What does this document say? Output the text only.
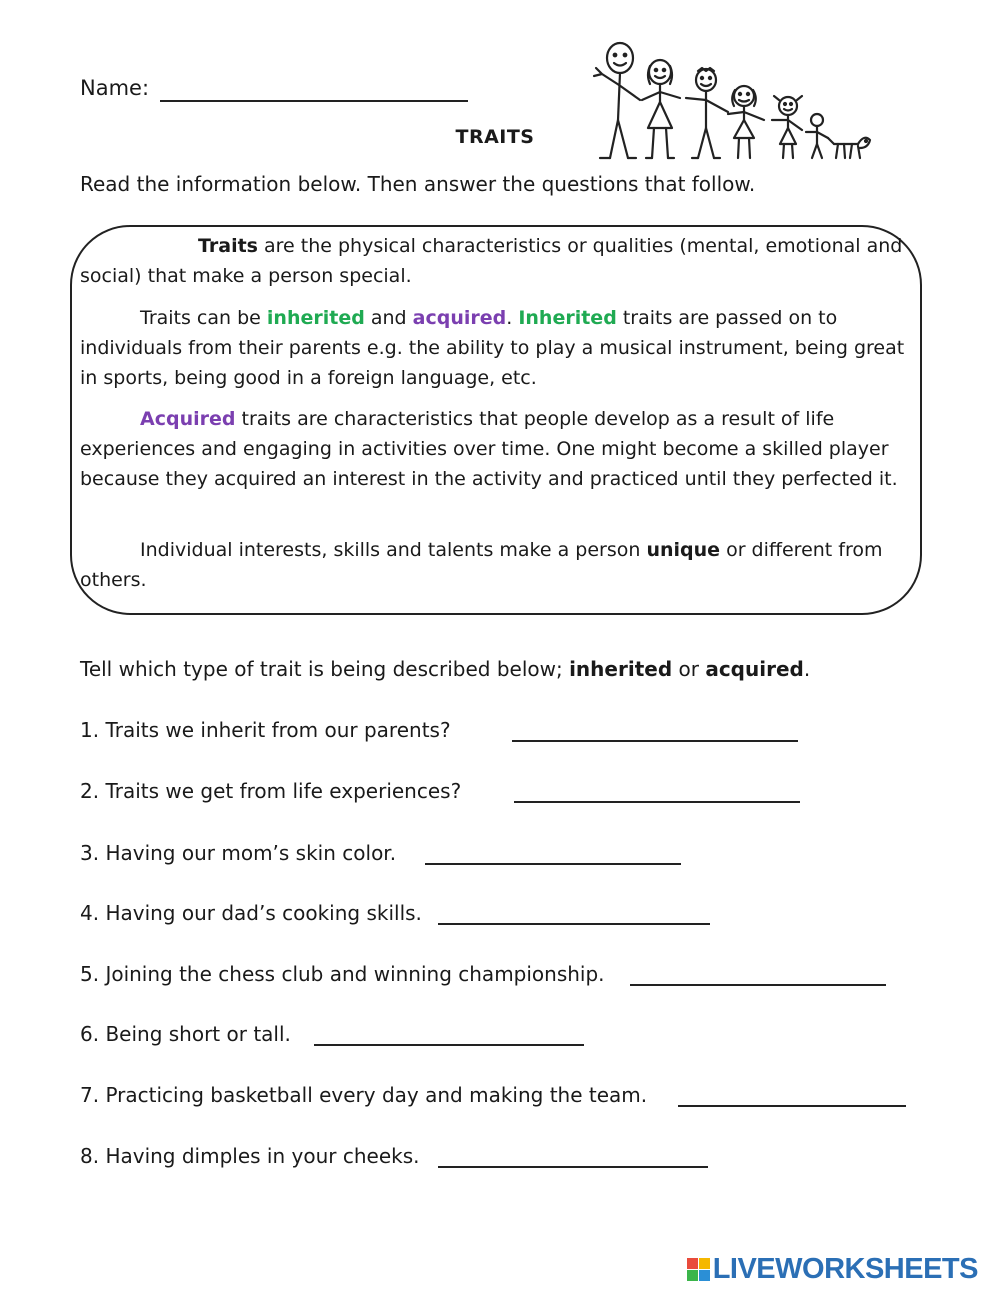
Name:
TRAITS
Read the information below. Then answer the questions that follow.
Traits are the physical characteristics or qualities (mental, emotional and social) that make a person special.
Traits can be inherited and acquired. Inherited traits are passed on to individuals from their parents e.g. the ability to play a musical instrument, being great in sports, being good in a foreign language, etc.
Acquired traits are characteristics that people develop as a result of life experiences and engaging in activities over time. One might become a skilled player because they acquired an interest in the activity and practiced until they perfected it.
Individual interests, skills and talents make a person unique or different from others.
Tell which type of trait is being described below; inherited or acquired.
1. Traits we inherit from our parents?
2. Traits we get from life experiences?
3. Having our mom’s skin color.
4. Having our dad’s cooking skills.
5. Joining the chess club and winning championship.
6. Being short or tall.
7. Practicing basketball every day and making the team.
8. Having dimples in your cheeks.
LIVEWORKSHEETS
